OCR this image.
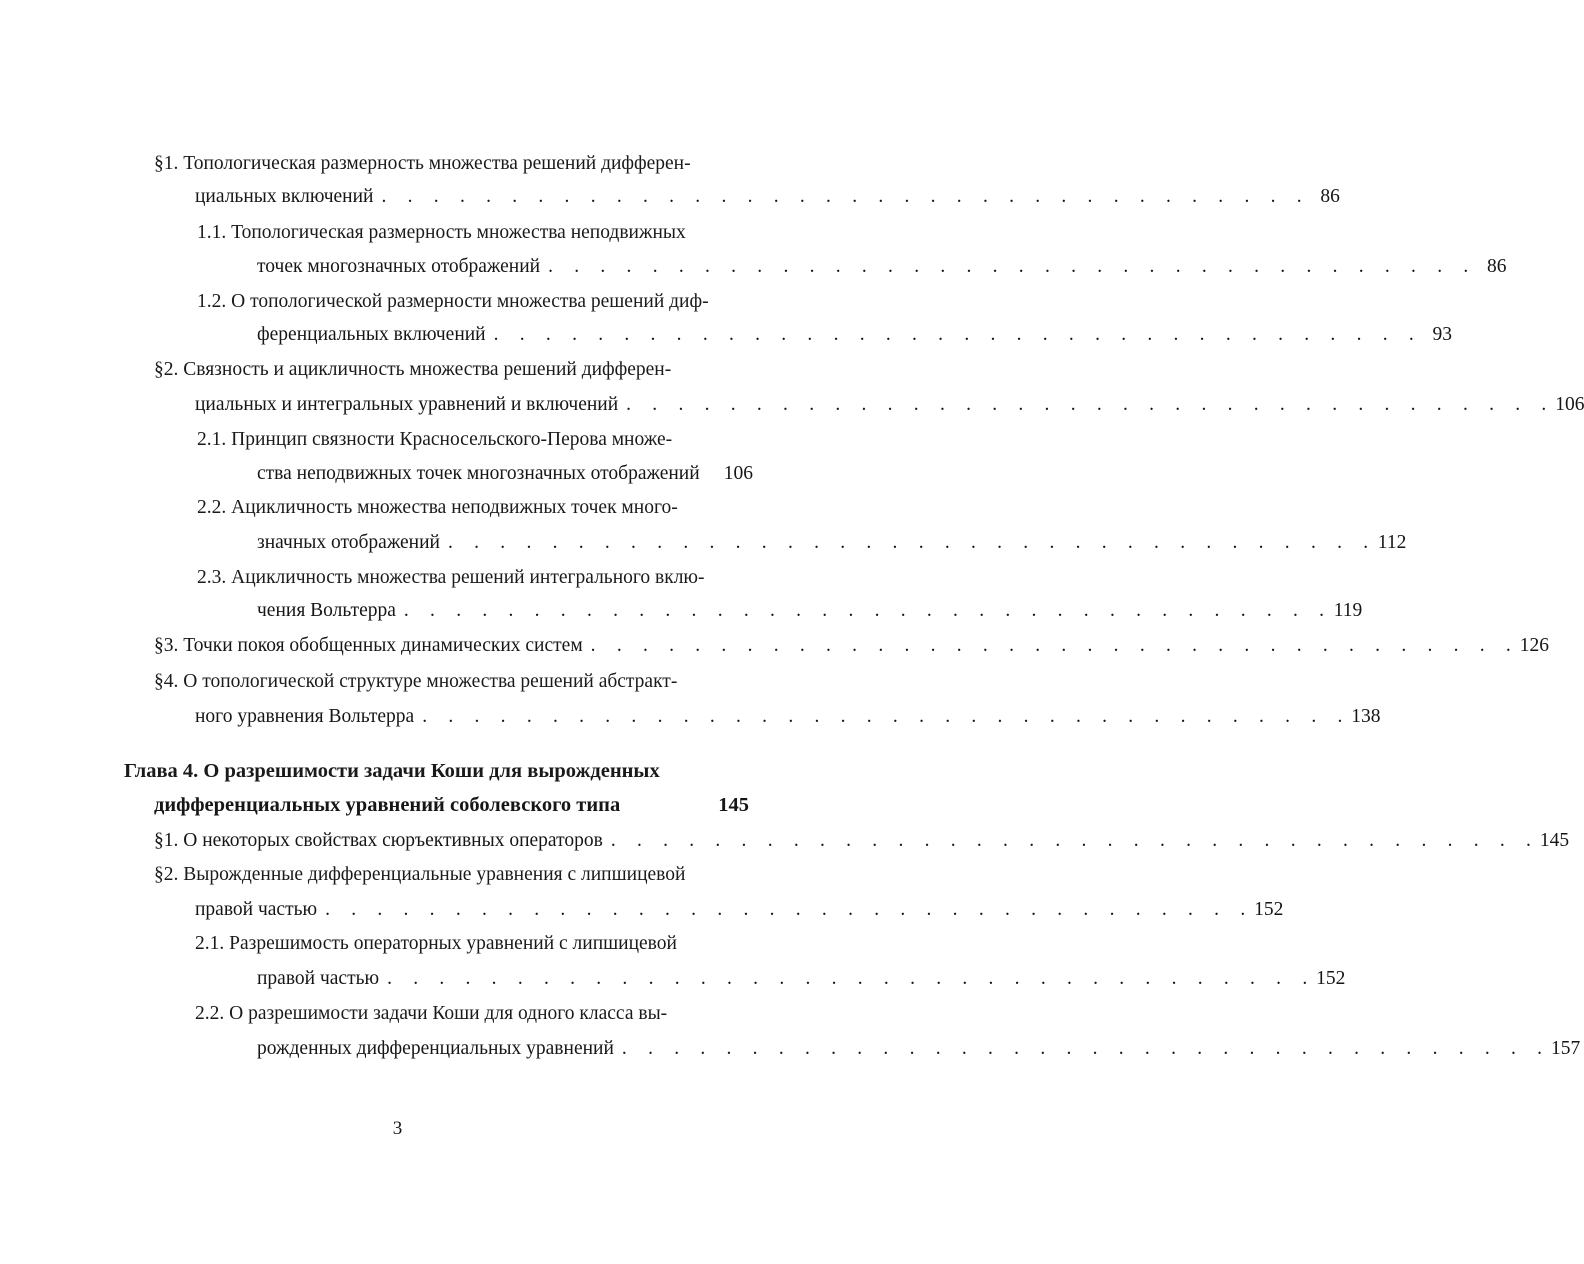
§1. Топологическая размерность множества решений дифферен-
циальных включений . . . . . . . . . . . . . . . . . . . . . . . . . . . . . . . . . . . . 86
1.1. Топологическая размерность множества неподвижных
точек многозначных отображений . . . . . . . . . . . . . . . . . . . . . . . . . . . . . . . . . . . . 86
1.2. О топологической размерности множества решений диф-
ференциальных включений . . . . . . . . . . . . . . . . . . . . . . . . . . . . . . . . . . . . 93
§2. Связность и ацикличность множества решений дифферен-
циальных и интегральных уравнений и включений . . . . . . . . . . . . . . . . . . . . . . . . . . . . . . . . . . . . 106
2.1. Принцип связности Красносельского-Перова множе-
ства неподвижных точек многозначных отображений 106
2.2. Ацикличность множества неподвижных точек много-
значных отображений . . . . . . . . . . . . . . . . . . . . . . . . . . . . . . . . . . . . 112
2.3. Ацикличность множества решений интегрального вклю-
чения Вольтерра . . . . . . . . . . . . . . . . . . . . . . . . . . . . . . . . . . . . 119
§3. Точки покоя обобщенных динамических систем . . . . . . . . . . . . . . . . . . . . . . . . . . . . . . . . . . . . 126
§4. О топологической структуре множества решений абстракт-
ного уравнения Вольтерра . . . . . . . . . . . . . . . . . . . . . . . . . . . . . . . . . . . . 138
Глава 4. О разрешимости задачи Коши для вырожденных
дифференциальных уравнений соболевского типа	145
§1. О некоторых свойствах сюръективных операторов . . . . . . . . . . . . . . . . . . . . . . . . . . . . . . . . . . . . 145
§2. Вырожденные дифференциальные уравнения с липшицевой
правой частью . . . . . . . . . . . . . . . . . . . . . . . . . . . . . . . . . . . . 152
2.1. Разрешимость операторных уравнений с липшицевой
правой частью . . . . . . . . . . . . . . . . . . . . . . . . . . . . . . . . . . . . 152
2.2. О разрешимости задачи Коши для одного класса вы-
рожденных дифференциальных уравнений . . . . . . . . . . . . . . . . . . . . . . . . . . . . . . . . . . . . 157
3
